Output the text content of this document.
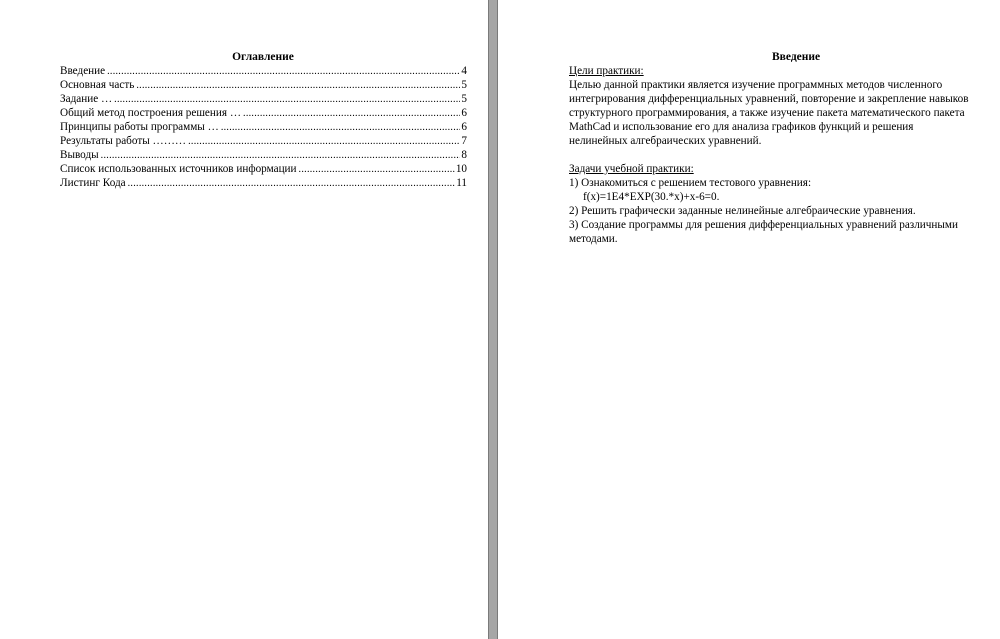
Оглавление
Введение .....	4
Основная часть .....	5
Задание … .....	5
Общий метод построения решения … .....	6
Принципы работы программы … .....	6
Результаты работы ……… .....	7
Выводы .....	8
Список использованных источников информации .....	10
Листинг Кода .....	11
Цели практики:

Целью данной практики является изучение программных методов численного интегрирования дифференциальных уравнений, повторение и закрепление навыков структурного программирования, а также изучение пакета математического пакета MathCad и использование его для анализа графиков функций и решения нелинейных алгебраических уравнений.

Задачи учебной практики:
1) Ознакомиться с решением тестового уравнения:
f(x)=1E4*EXP(30.*x)+x-6=0.
2) Решить графически заданные нелинейные алгебраические уравнения.
3) Создание программы для решения дифференциальных уравнений различными методами.
